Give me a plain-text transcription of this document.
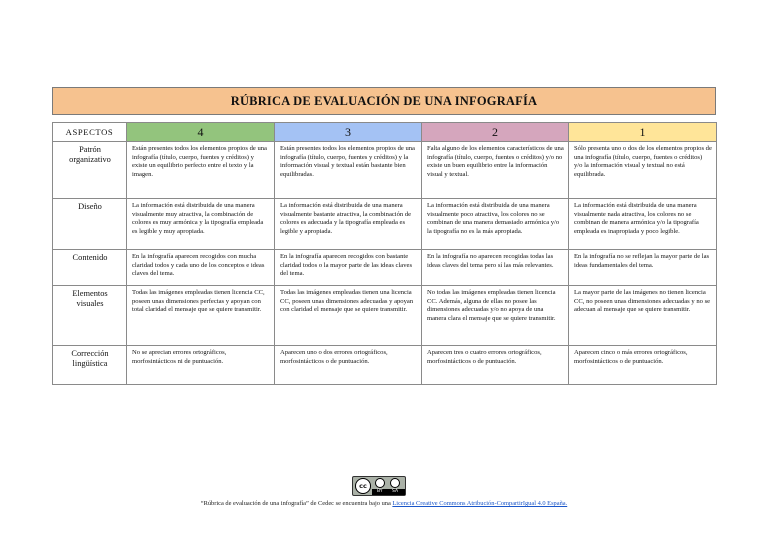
RÚBRICA DE EVALUACIÓN DE UNA INFOGRAFÍA
ASPECTOS	4	3	2	1
Patrón organizativo	Están presentes todos los elementos propios de una infografía (título, cuerpo, fuentes y créditos) y existe un equilibrio perfecto entre el texto y la imagen.	Están presentes todos los elementos propios de una infografía (título, cuerpo, fuentes y créditos) y la información visual y textual están bastante bien equilibradas.	Falta alguno de los elementos característicos de una infografía (título, cuerpo, fuentes o créditos) y/o no existe un buen equilibrio entre la información visual y textual.	Sólo presenta uno o dos de los elementos propios de una infografía (título, cuerpo, fuentes o créditos) y/o la información visual y textual no está equilibrada.
Diseño	La información está distribuida de una manera visualmente muy atractiva, la combinación de colores es muy armónica y la tipografía empleada es legible y muy apropiada.	La información está distribuida de una manera visualmente bastante atractiva, la combinación de colores es adecuada y la tipografía empleada es legible y apropiada.	La información está distribuida de una manera visualmente poco atractiva, los colores no se combinan de una manera demasiado armónica y/o la tipografía no es la más apropiada.	La información está distribuida de una manera visualmente nada atractiva, los colores no se combinan de manera armónica y/o la tipografía empleada es inapropiada y poco legible.
Contenido	En la infografía aparecen recogidos con mucha claridad todos y cada uno de los conceptos e ideas claves del tema.	En la infografía aparecen recogidos con bastante claridad todos o la mayor parte de las ideas claves del tema.	En la infografía no aparecen recogidas todas las ideas claves del tema pero sí las más relevantes.	En la infografía no se reflejan la mayor parte de las ideas fundamentales del tema.
Elementos visuales	Todas las imágenes empleadas tienen licencia CC, poseen unas dimensiones perfectas y apoyan con total claridad el mensaje que se quiere transmitir.	Todas las imágenes empleadas tienen una licencia CC, poseen unas dimensiones adecuadas y apoyan con claridad el mensaje que se quiere transmitir.	No todas las imágenes empleadas tienen licencia CC. Además, alguna de ellas no posee las dimensiones adecuadas y/o no apoya de una manera clara el mensaje que se quiere transmitir.	La mayor parte de las imágenes no tienen licencia CC, no poseen unas dimensiones adecuadas y no se adecuan al mensaje que se quiere transmitir.
Corrección lingüística	No se aprecian errores ortográficos, morfosintácticos ni de puntuación.	Aparecen uno o dos errores ortográficos, morfosintácticos o de puntuación.	Aparecen tres o cuatro errores ortográficos, morfosintácticos o de puntuación.	Aparecen cinco o más errores ortográficos, morfosintácticos o de puntuación.
cc
BY SA
“Rúbrica de evaluación de una infografía” de Cedec se encuentra bajo una Licencia Creative Commons Atribución-CompartirIgual 4.0 España.
